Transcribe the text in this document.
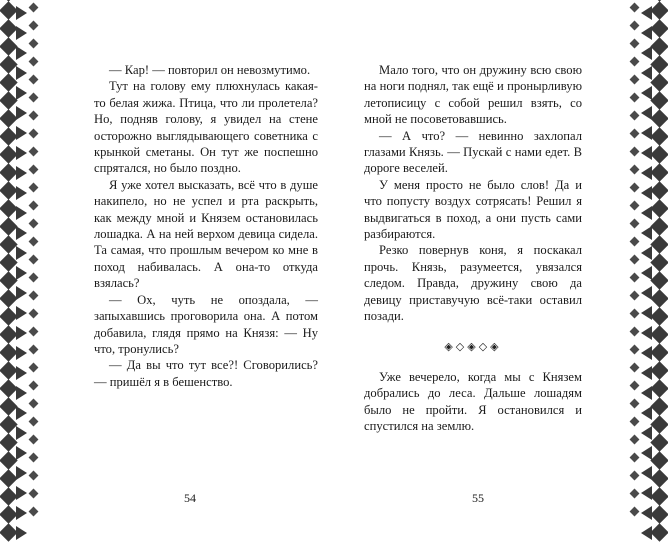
— Кар! — повторил он невозмутимо.

Тут на голову ему плюхнулась какая-то белая жижа. Птица, что ли пролетела? Но, подняв голову, я увидел на стене осторожно выглядывающего советника с крынкой сметаны. Он тут же поспешно спрятался, но было поздно.

Я уже хотел высказать, всё что в душе накипело, но не успел и рта раскрыть, как между мной и Князем остановилась лошадка. А на ней верхом девица сидела. Та самая, что прошлым вечером ко мне в поход набивалась. А она-то откуда взялась?

— Ох, чуть не опоздала, — запыхавшись проговорила она. А потом добавила, глядя прямо на Князя: — Ну что, тронулись?

— Да вы что тут все?! Сговорились? — пришёл я в бешенство.

54

Мало того, что он дружину всю свою на ноги поднял, так ещё и пронырливую летописицу с собой решил взять, со мной не посоветовавшись.

— А что? — невинно захлопал глазами Князь. — Пускай с нами едет. В дороге веселей.

У меня просто не было слов! Да и что попусту воздух сотрясать! Решил я выдвигаться в поход, а они пусть сами разбираются.

Резко повернув коня, я поскакал прочь. Князь, разумеется, увязался следом. Правда, дружину свою да девицу приставучую всё-таки оставил позади.

◈◇◈◇◈

Уже вечерело, когда мы с Князем добрались до леса. Дальше лошадям было не пройти. Я остановился и спустился на землю.

55
